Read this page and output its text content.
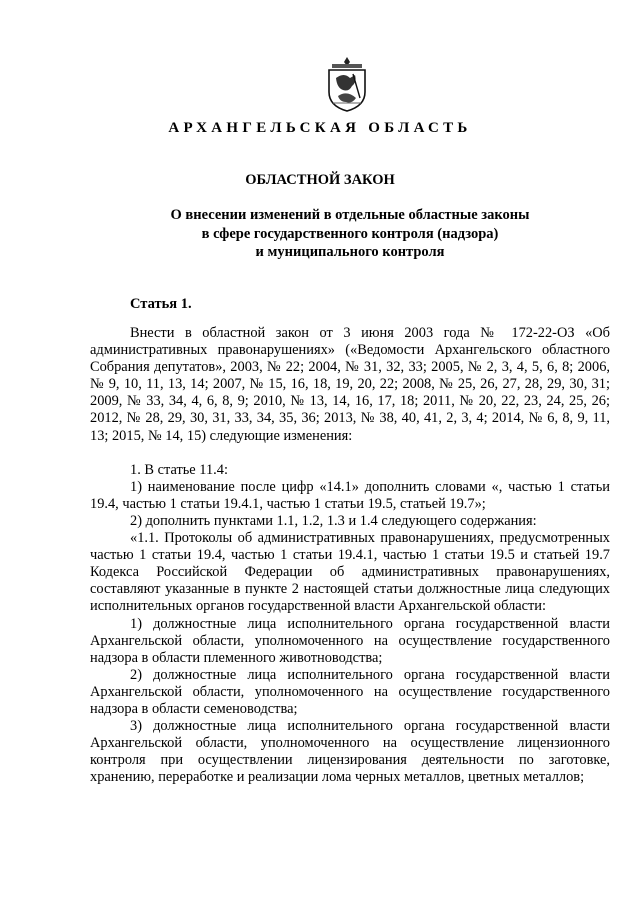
АРХАНГЕЛЬСКАЯ ОБЛАСТЬ
ОБЛАСТНОЙ ЗАКОН
О внесении изменений в отдельные областные законы
в сфере государственного контроля (надзора)
и муниципального контроля
Статья 1.

Внести в областной закон от 3 июня 2003 года № 172-22-ОЗ «Об административных правонарушениях» («Ведомости Архангельского областного Собрания депутатов», 2003, № 22; 2004, № 31, 32, 33; 2005, № 2, 3, 4, 5, 6, 8; 2006, № 9, 10, 11, 13, 14; 2007, № 15, 16, 18, 19, 20, 22; 2008, № 25, 26, 27, 28, 29, 30, 31; 2009, № 33, 34, 4, 6, 8, 9; 2010, № 13, 14, 16, 17, 18; 2011, № 20, 22, 23, 24, 25, 26; 2012, № 28, 29, 30, 31, 33, 34, 35, 36; 2013, № 38, 40, 41, 2, 3, 4; 2014, № 6, 8, 9, 11, 13; 2015, № 14, 15) следующие изменения:

1. В статье 11.4:

1) наименование после цифр «14.1» дополнить словами «, частью 1 статьи 19.4, частью 1 статьи 19.4.1, частью 1 статьи 19.5, статьей 19.7»;

2) дополнить пунктами 1.1, 1.2, 1.3 и 1.4 следующего содержания:

«1.1. Протоколы об административных правонарушениях, предусмотренных частью 1 статьи 19.4, частью 1 статьи 19.4.1, частью 1 статьи 19.5 и статьей 19.7 Кодекса Российской Федерации об административных правонарушениях, составляют указанные в пункте 2 настоящей статьи должностные лица следующих исполнительных органов государственной власти Архангельской области:

1) должностные лица исполнительного органа государственной власти Архангельской области, уполномоченного на осуществление государственного надзора в области племенного животноводства;

2) должностные лица исполнительного органа государственной власти Архангельской области, уполномоченного на осуществление государственного надзора в области семеноводства;

3) должностные лица исполнительного органа государственной власти Архангельской области, уполномоченного на осуществление лицензионного контроля при осуществлении лицензирования деятельности по заготовке, хранению, переработке и реализации лома черных металлов, цветных металлов;
